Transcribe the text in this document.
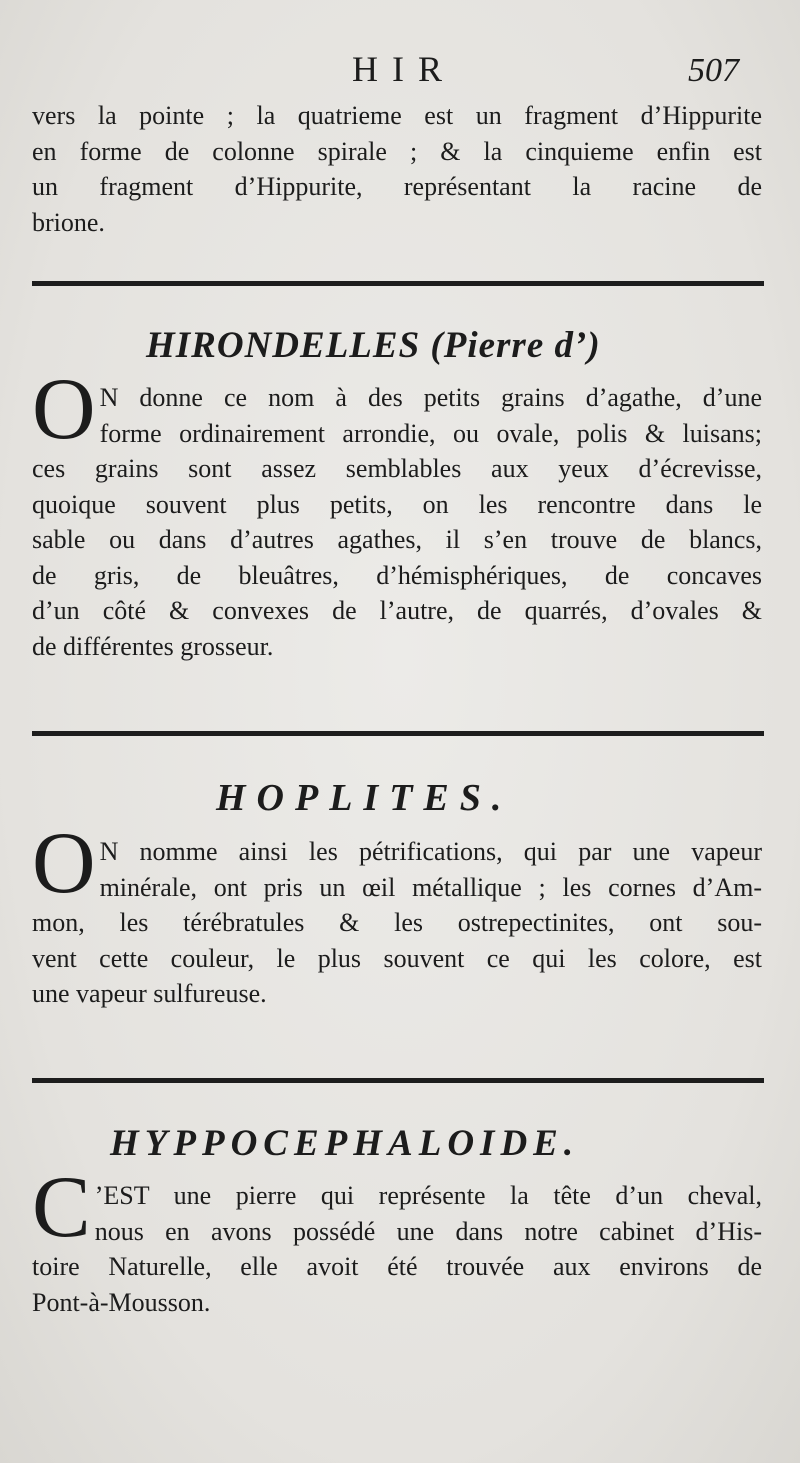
HIR	507
vers la pointe ; la quatrieme est un fragment d’Hippurite
en forme de colonne spirale ; & la cinquieme enfin est
un fragment d’Hippurite, représentant la racine de
brione.
HIRONDELLES (Pierre d’)
O N donne ce nom à des petits grains d’agathe, d’une
forme ordinairement arrondie, ou ovale, polis & luisans;
ces grains sont assez semblables aux yeux d’écrevisse,
quoique souvent plus petits, on les rencontre dans le
sable ou dans d’autres agathes, il s’en trouve de blancs,
de gris, de bleuâtres, d’hémisphériques, de concaves
d’un côté & convexes de l’autre, de quarrés, d’ovales &
de différentes grosseur.
HOPLITES.
O N nomme ainsi les pétrifications, qui par une vapeur
minérale, ont pris un œil métallique ; les cornes d’Am-
mon, les térébratules & les ostrepectinites, ont sou-
vent cette couleur, le plus souvent ce qui les colore, est
une vapeur sulfureuse.
HYPPOCEPHALOIDE.
C ’EST une pierre qui représente la tête d’un cheval,
nous en avons possédé une dans notre cabinet d’His-
toire Naturelle, elle avoit été trouvée aux environs de
Pont-à-Mousson.
